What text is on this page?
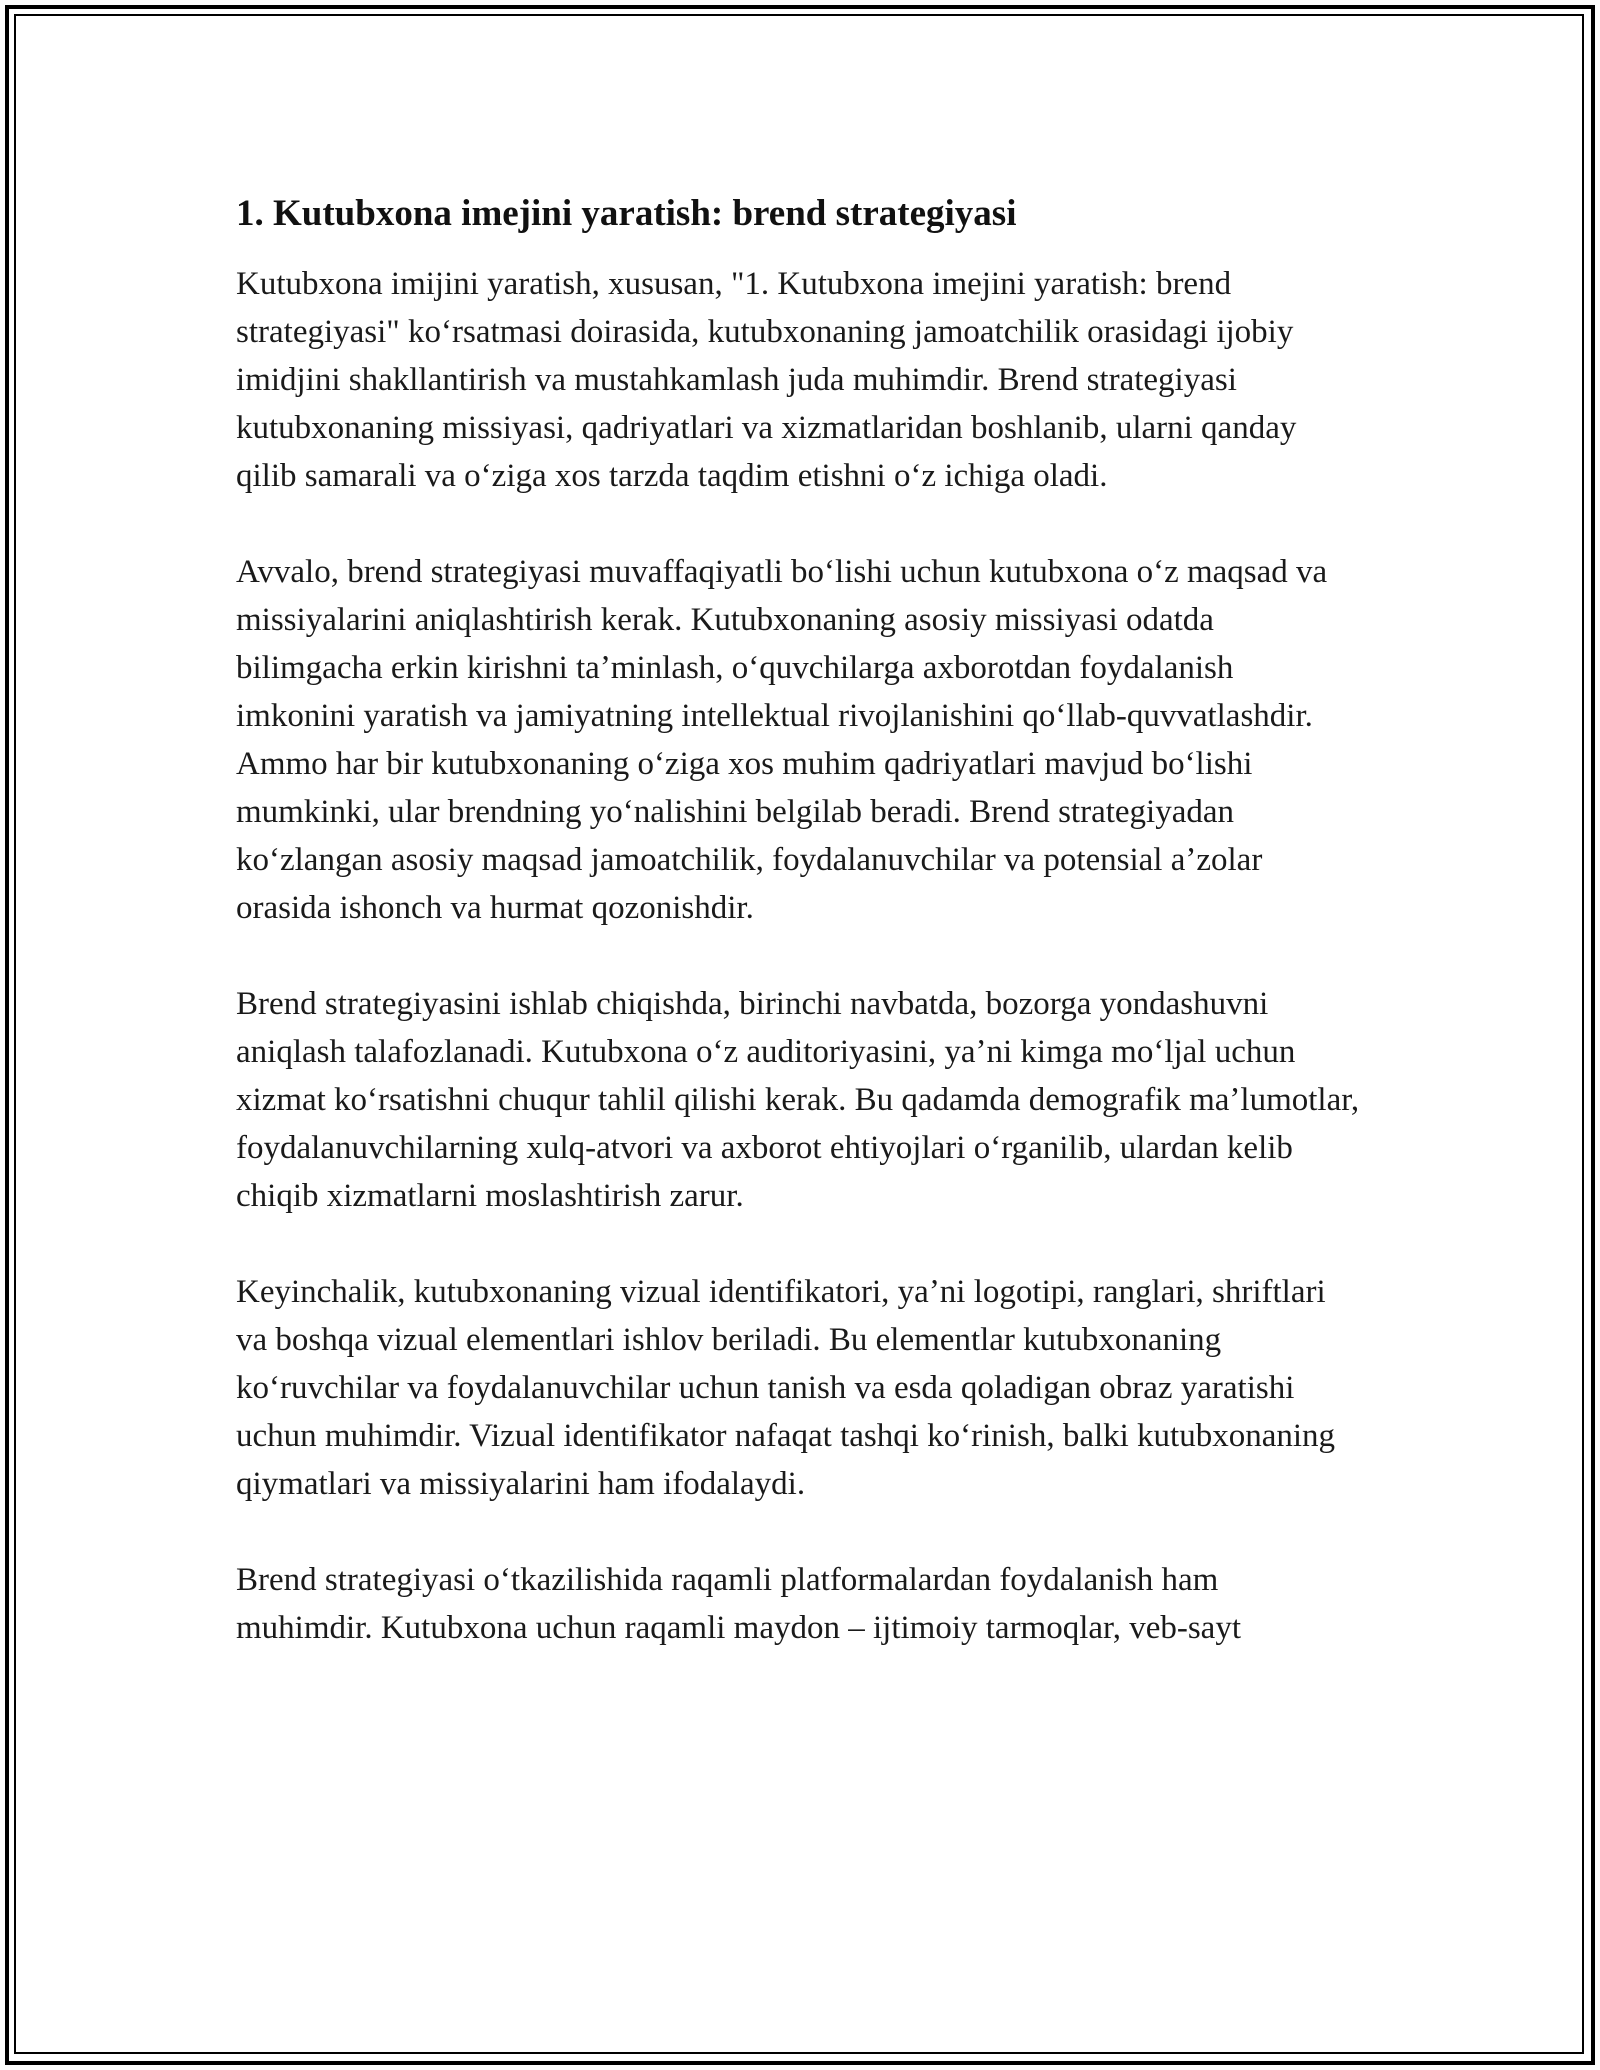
1. Kutubxona imejini yaratish: brend strategiyasi

Kutubxona imijini yaratish, xususan, "1. Kutubxona imejini yaratish: brend strategiyasi" koʻrsatmasi doirasida, kutubxonaning jamoatchilik orasidagi ijobiy imidjini shakllantirish va mustahkamlash juda muhimdir. Brend strategiyasi kutubxonaning missiyasi, qadriyatlari va xizmatlaridan boshlanib, ularni qanday qilib samarali va oʻziga xos tarzda taqdim etishni oʻz ichiga oladi.

Avvalo, brend strategiyasi muvaffaqiyatli boʻlishi uchun kutubxona oʻz maqsad va missiyalarini aniqlashtirish kerak. Kutubxonaning asosiy missiyasi odatda bilimgacha erkin kirishni taʼminlash, oʻquvchilarga axborotdan foydalanish imkonini yaratish va jamiyatning intellektual rivojlanishini qoʻllab-quvvatlashdir. Ammo har bir kutubxonaning oʻziga xos muhim qadriyatlari mavjud boʻlishi mumkinki, ular brendning yoʻnalishini belgilab beradi. Brend strategiyadan koʻzlangan asosiy maqsad jamoatchilik, foydalanuvchilar va potensial aʼzolar orasida ishonch va hurmat qozonishdir.

Brend strategiyasini ishlab chiqishda, birinchi navbatda, bozorga yondashuvni aniqlash talafozlanadi. Kutubxona oʻz auditoriyasini, yaʼni kimga moʻljal uchun xizmat koʻrsatishni chuqur tahlil qilishi kerak. Bu qadamda demografik maʼlumotlar, foydalanuvchilarning xulq-atvori va axborot ehtiyojlari oʻrganilib, ulardan kelib chiqib xizmatlarni moslashtirish zarur.

Keyinchalik, kutubxonaning vizual identifikatori, yaʼni logotipi, ranglari, shriftlari va boshqa vizual elementlari ishlov beriladi. Bu elementlar kutubxonaning koʻruvchilar va foydalanuvchilar uchun tanish va esda qoladigan obraz yaratishi uchun muhimdir. Vizual identifikator nafaqat tashqi koʻrinish, balki kutubxonaning qiymatlari va missiyalarini ham ifodalaydi.

Brend strategiyasi oʻtkazilishida raqamli platformalardan foydalanish ham muhimdir. Kutubxona uchun raqamli maydon – ijtimoiy tarmoqlar, veb-sayt
